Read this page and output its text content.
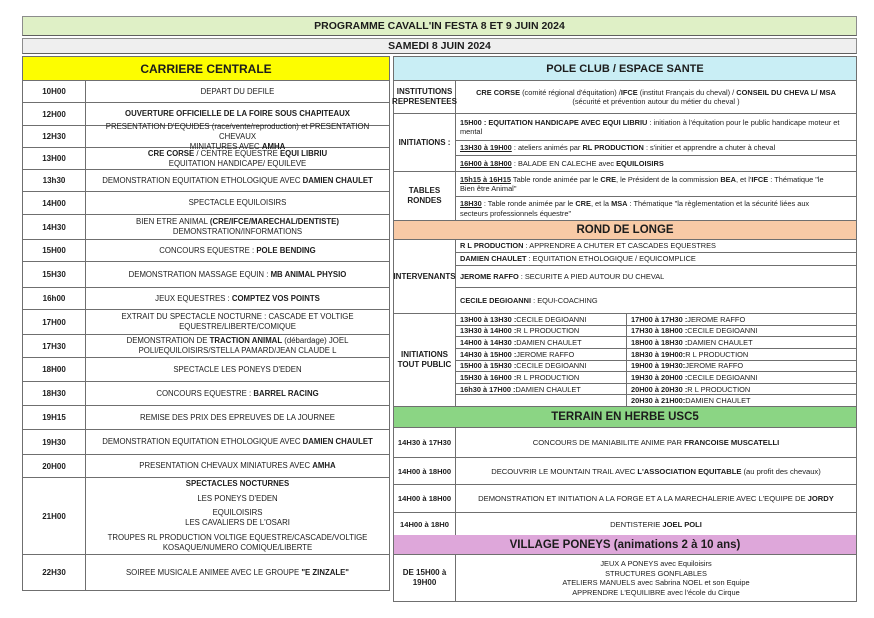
PROGRAMME CAVALL'IN FESTA 8 ET 9 JUIN 2024
SAMEDI 8 JUIN 2024
CARRIERE CENTRALE
10H00	DEPART DU DEFILE
12H00	OUVERTURE OFFICIELLE DE LA FOIRE SOUS CHAPITEAUX
12H30
PRESENTATION D'EQUIDES (race/vente/reproduction) et PRESENTATION CHEVAUX
MINIATURES AVEC AMHA
13H00
CRE CORSE / CENTRE EQUESTRE EQUI LIBRIU
EQUITATION HANDICAPE/ EQUILEVE
13h30	DEMONSTRATION EQUITATION ETHOLOGIQUE AVEC DAMIEN CHAULET
14H00	SPECTACLE EQUILOISIRS
14H30
BIEN ETRE ANIMAL (CRE/IFCE/MARECHAL/DENTISTE)
DEMONSTRATION/INFORMATIONS
15H00	CONCOURS EQUESTRE : POLE BENDING
15H30	DEMONSTRATION MASSAGE EQUIN : MB ANIMAL PHYSIO
16h00	JEUX EQUESTRES : COMPTEZ VOS POINTS
17H00
EXTRAIT DU SPECTACLE NOCTURNE : CASCADE ET VOLTIGE
EQUESTRE/LIBERTE/COMIQUE
17H30
DEMONSTRATION DE TRACTION ANIMAL (débardage) JOEL
POLI/EQUILOISIRS/STELLA PAMARD/JEAN CLAUDE L
18H00	SPECTACLE LES PONEYS D'EDEN
18H30	CONCOURS EQUESTRE : BARREL RACING
19H15	REMISE DES PRIX DES EPREUVES DE LA JOURNEE
19H30	DEMONSTRATION EQUITATION ETHOLOGIQUE AVEC DAMIEN CHAULET
20H00	PRESENTATION CHEVAUX MINIATURES AVEC AMHA
21H00
SPECTACLES NOCTURNES
LES PONEYS D'EDEN
EQUILOISIRS
LES CAVALIERS DE L'OSARI
TROUPES RL PRODUCTION VOLTIGE EQUESTRE/CASCADE/VOLTIGE
KOSAQUE/NUMERO COMIQUE/LIBERTE
22H30	SOIREE MUSICALE ANIMEE AVEC LE GROUPE "E ZINZALE"
POLE CLUB / ESPACE SANTE
INSTITUTIONS
REPRESENTEES
CRE CORSE (comité régional d'équitation) /IFCE (institut Français du cheval) / CONSEIL DU CHEVA L/ MSA
(sécurité et prévention autour du métier du cheval )
INITIATIONS :
15H00 : EQUITATION HANDICAPE AVEC EQUI LIBRIU : initiation à l'équitation pour le public handicape moteur et
mental
13H30 à 19H00 : ateliers animés par RL PRODUCTION : s'initier et apprendre a chuter à cheval
16H00 à 18H00 : BALADE EN CALECHE avec EQUILOISIRS
TABLES
RONDES
15h15 à 16H15 Table ronde animée par le CRE, le Président de la commission BEA, et l'IFCE : Thématique "le
Bien être Animal"
18H30 : Table ronde animée par le CRE, et la MSA : Thématique "la règlementation et la sécurité liées aux
secteurs professionnels équestre"
ROND DE LONGE
INTERVENANTS
R L PRODUCTION : APPRENDRE A CHUTER ET CASCADES EQUESTRES
DAMIEN CHAULET : EQUITATION ETHOLOGIQUE / EQUICOMPLICE
JEROME RAFFO : SECURITE A PIED AUTOUR DU CHEVAL
CECILE DEGIOANNI : EQUI-COACHING
INITIATIONS
TOUT PUBLIC
13H00 à 13H30 : CECILE DEGIOANNI
13H30 à 14H00 : R L PRODUCTION
14H00 à 14H30 : DAMIEN CHAULET
14H30 à 15H00 : JEROME RAFFO
15H00 à 15H30 : CECILE DEGIOANNI
15H30 à 16H00 : R L PRODUCTION
16h30 à 17H00 : DAMIEN CHAULET
17H00 à 17H30 : JEROME RAFFO
17H30 à 18H00 : CECILE DEGIOANNI
18H00 à 18H30 : DAMIEN CHAULET
18H30 à 19H00: R L PRODUCTION
19H00 à 19H30: JEROME RAFFO
19H30 à 20H00 : CECILE DEGIOANNI
20H00 à 20H30 : R L PRODUCTION
20H30 à 21H00: DAMIEN CHAULET
TERRAIN EN HERBE USC5
14H30 à 17H30	CONCOURS DE MANIABILITE ANIME PAR FRANCOISE MUSCATELLI
14H00 à 18H00	DECOUVRIR LE MOUNTAIN TRAIL AVEC L'ASSOCIATION EQUITABLE (au profit des chevaux)
14H00 à 18H00	DEMONSTRATION ET INITIATION A LA FORGE ET A LA MARECHALERIE AVEC L'EQUIPE DE JORDY
14H00 à 18H0	DENTISTERIE JOEL POLI
VILLAGE PONEYS (animations 2 à 10 ans)
DE 15H00 à
19H00
JEUX A PONEYS avec Equiloisirs
STRUCTURES GONFLABLES
ATELIERS MANUELS avec Sabrina NOEL et son Equipe
APPRENDRE L'EQUILIBRE avec l'école du Cirque
